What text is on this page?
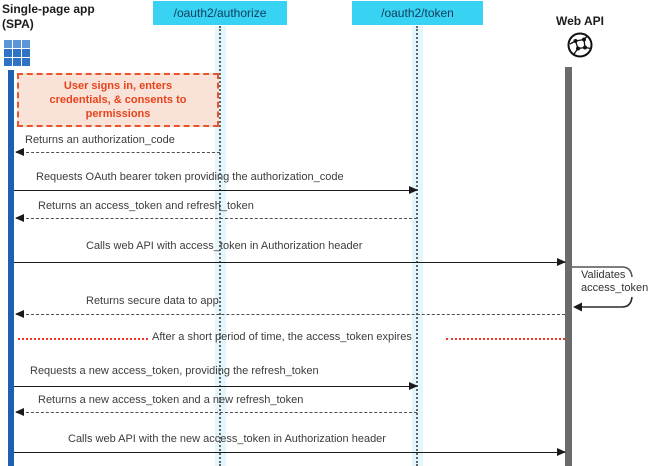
Single-page app
(SPA)
/oauth2/authorize	/oauth2/token
Web API
User signs in, enters credentials, & consents to permissions
Returns an authorization_code
Requests OAuth bearer token providing the authorization_code
Returns an access_token and refresh_token
Calls web API with access_token in Authorization header
Validates access_token
Returns secure data to app
After a short period of time, the access_token expires
Requests a new access_token, providing the refresh_token
Returns a new access_token and a new refresh_token
Calls web API with the new access_token in Authorization header
